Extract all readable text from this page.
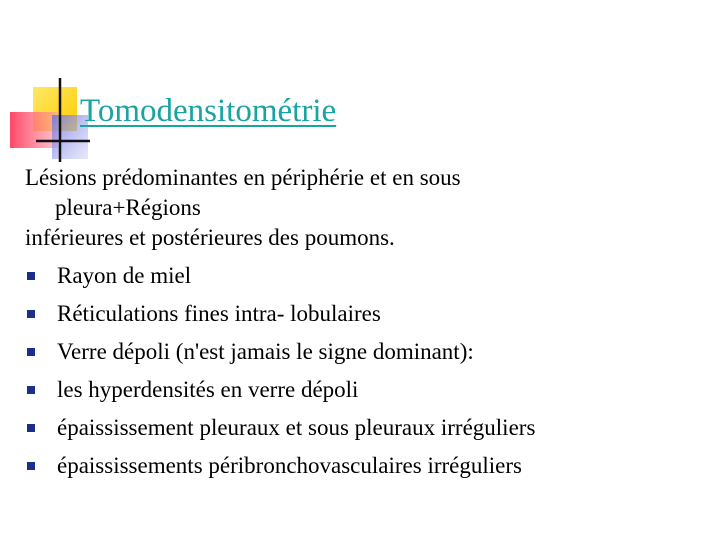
Tomodensitométrie
Lésions prédominantes en périphérie et en sous
pleura+Régions
inférieures et postérieures des poumons.
Rayon de miel
Réticulations fines intra- lobulaires
Verre dépoli (n'est jamais le signe dominant):
les hyperdensités en verre dépoli
épaississement pleuraux et sous pleuraux irréguliers
épaississements péribronchovasculaires irréguliers
